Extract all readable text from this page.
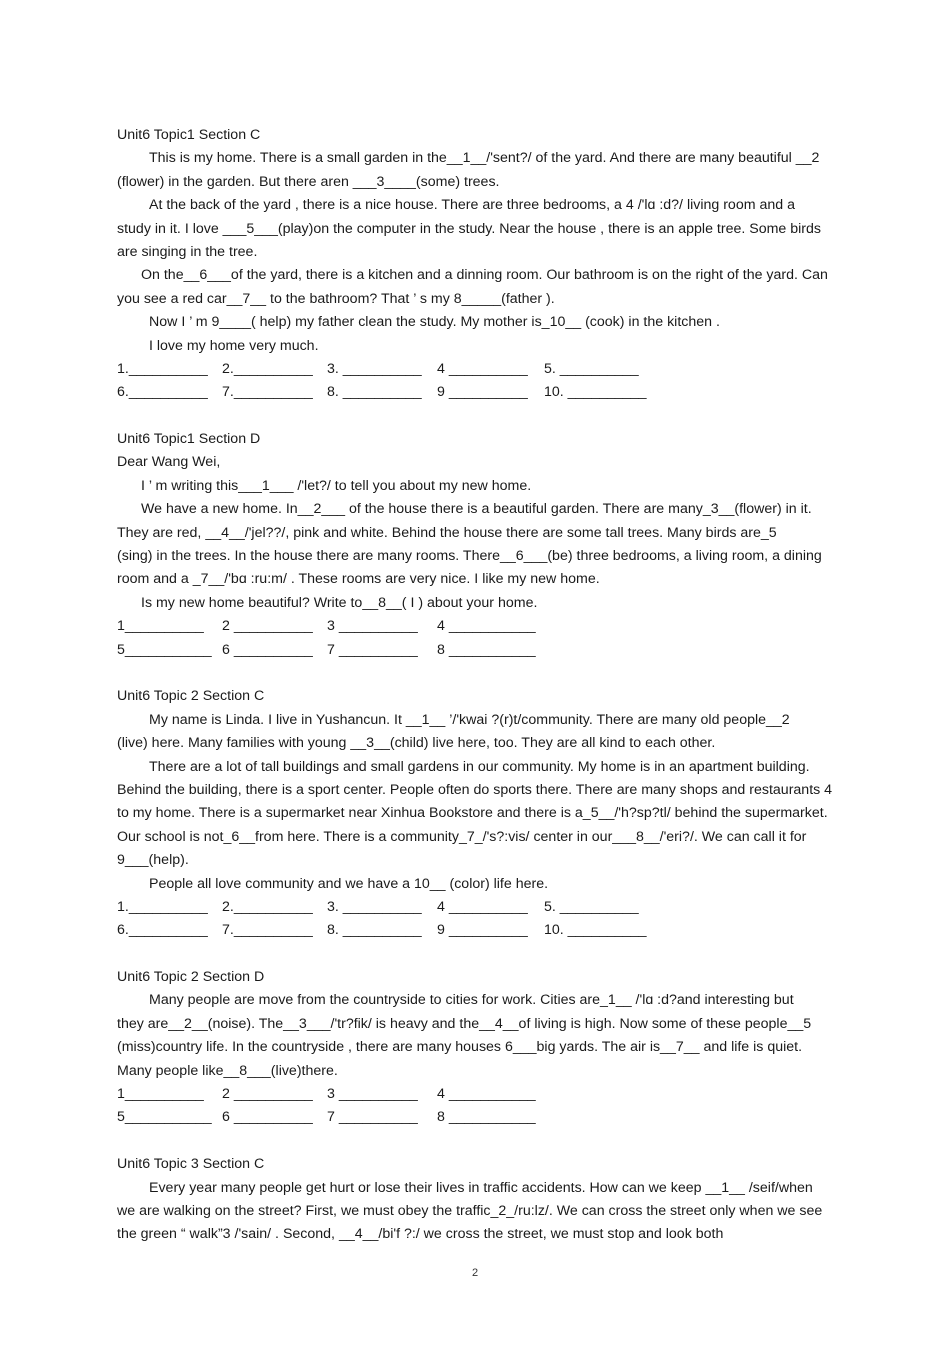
Unit6 Topic1 Section C
This is my home. There is a small garden in the__1__/'sent?/ of the yard. And there are many beautiful __2
(flower) in the garden. But there aren ___3____(some) trees.
At the back of the yard , there is a nice house. There are three bedrooms, a 4 /'lɑ :d?/ living room and a
study in it. I love ___5___(play)on the computer in the study. Near the house , there is an apple tree. Some birds
are singing in the tree.
On the__6___of the yard, there is a kitchen and a dinning room. Our bathroom is on the right of the yard. Can
you see a red car__7__ to the bathroom? That ’ s my 8_____(father ).
Now I ’ m 9____( help) my father clean the study. My mother is_10__ (cook) in the kitchen .
I love my home very much.
1.__________	2.__________	3. __________	4 __________	5. __________
6.__________	7.__________	8. __________	9 __________	10. __________
Unit6 Topic1 Section D
Dear Wang Wei,
I ’ m writing this___1___ /'let?/ to tell you about my new home.
We have a new home. In__2___ of the house there is a beautiful garden. There are many_3__(flower) in it.
They are red, __4__/'jel??/, pink and white. Behind the house there are some tall trees. Many birds are_5
(sing) in the trees. In the house there are many rooms. There__6___(be) three bedrooms, a living room, a dining
room and a _7__/'bɑ :ru:m/ . These rooms are very nice. I like my new home.
Is my new home beautiful? Write to__8__( I ) about your home.
1__________	2 __________	3 __________	4 ___________
5___________ 6 __________	7 __________	8 ___________
Unit6 Topic 2 Section C
My name is Linda. I live in Yushancun. It __1__ ’/'kwai ?(r)t/community. There are many old people__2
(live) here. Many families with young __3__(child) live here, too. They are all kind to each other.
There are a lot of tall buildings and small gardens in our community. My home is in an apartment building.
Behind the building, there is a sport center. People often do sports there. There are many shops and restaurants 4
to my home. There is a supermarket near Xinhua Bookstore and there is a_5__/'h?sp?tl/ behind the supermarket.
Our school is not_6__from here. There is a community_7_/'s?:vis/ center in our___8__/'eri?/. We can call it for
9___(help).
People all love community and we have a 10__ (color) life here.
1.__________	2.__________	3. __________	4 __________	5. __________
6.__________	7.__________	8. __________	9 __________	10. __________
Unit6 Topic 2 Section D
Many people are move from the countryside to cities for work. Cities are_1__ /'lɑ :d?and interesting but
they are__2__(noise). The__3___/'tr?fik/ is heavy and the__4__of living is high. Now some of these people__5
(miss)country life. In the countryside , there are many houses 6___big yards. The air is__7__ and life is quiet.
Many people like__8___(live)there.
1__________	2 __________	3 __________	4 ___________
5___________ 6 __________	7 __________	8 ___________
Unit6 Topic 3 Section C
Every year many people get hurt or lose their lives in traffic accidents. How can we keep __1__ /seif/when
we are walking on the street? First, we must obey the traffic_2_/ru:lz/. We can cross the street only when we see
the green “ walk”3 /'sain/ . Second, __4__/bi'f ?:/ we cross the street, we must stop and look both
2
